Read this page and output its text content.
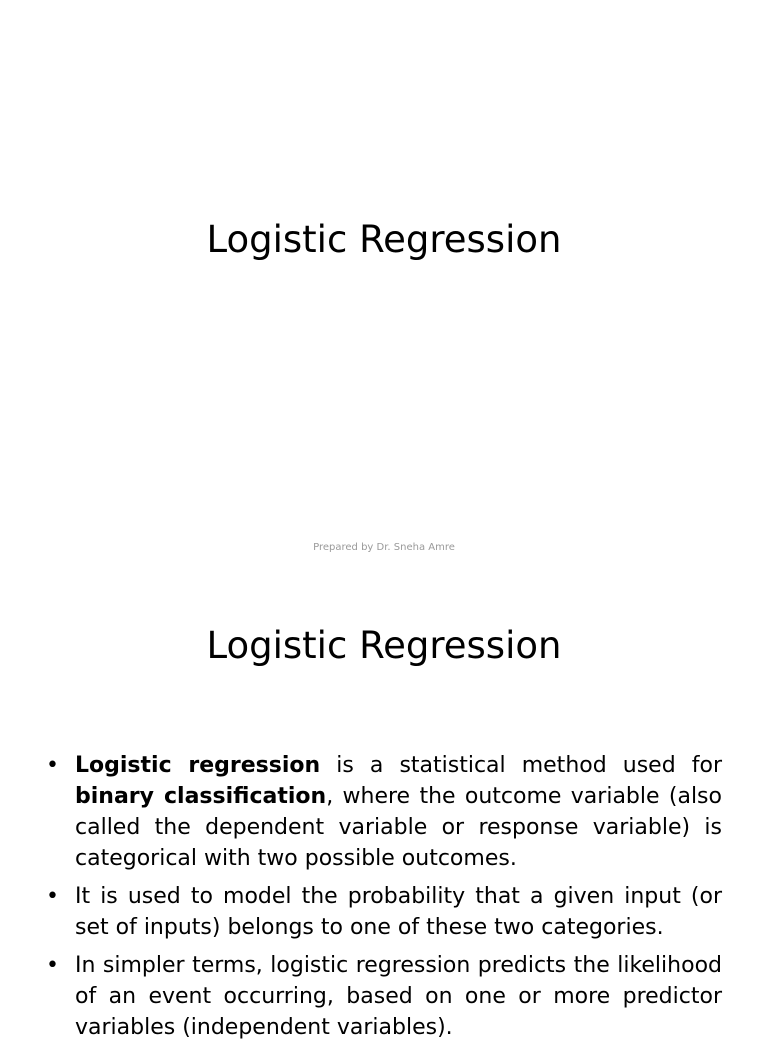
Logistic Regression

Prepared by Dr. Sneha Amre

Logistic Regression
• Logistic regression is a statistical method used for binary classification, where the outcome variable (also called the dependent variable or response variable) is categorical with two possible outcomes.
• It is used to model the probability that a given input (or set of inputs) belongs to one of these two categories.
• In simpler terms, logistic regression predicts the likelihood of an event occurring, based on one or more predictor variables (independent variables).
